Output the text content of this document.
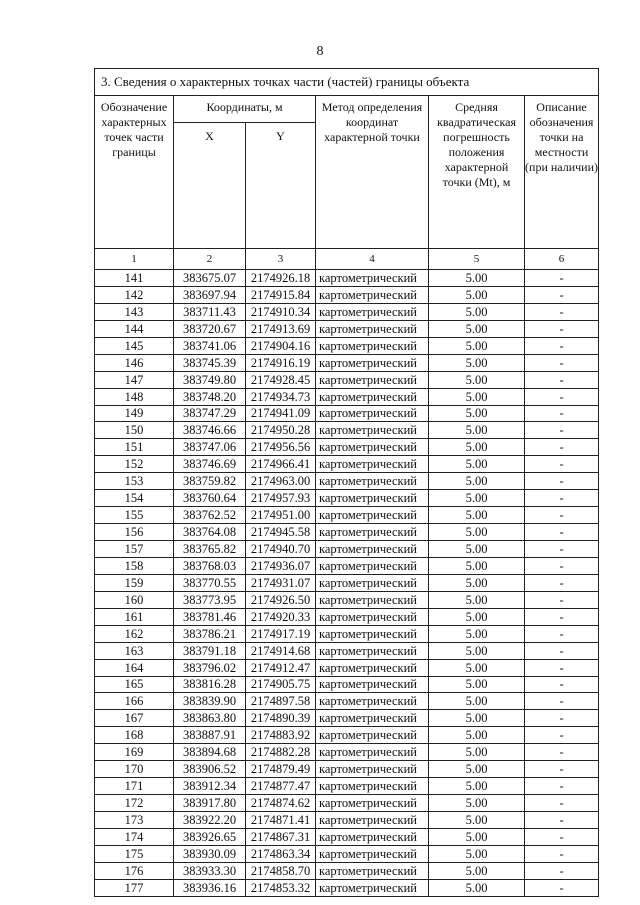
8
3. Сведения о характерных точках части (частей) границы объекта					
Обозначение характерных точек части границы	Координаты, м		Метод определения координат характерной точки	Средняя квадратическая погрешность положения характерной точки (Mt), м	Описание обозначения точки на местности (при наличии)
	X	Y			
1	2	3	4	5	6
141	383675.07	2174926.18	картометрический	5.00	-
142	383697.94	2174915.84	картометрический	5.00	-
143	383711.43	2174910.34	картометрический	5.00	-
144	383720.67	2174913.69	картометрический	5.00	-
145	383741.06	2174904.16	картометрический	5.00	-
146	383745.39	2174916.19	картометрический	5.00	-
147	383749.80	2174928.45	картометрический	5.00	-
148	383748.20	2174934.73	картометрический	5.00	-
149	383747.29	2174941.09	картометрический	5.00	-
150	383746.66	2174950.28	картометрический	5.00	-
151	383747.06	2174956.56	картометрический	5.00	-
152	383746.69	2174966.41	картометрический	5.00	-
153	383759.82	2174963.00	картометрический	5.00	-
154	383760.64	2174957.93	картометрический	5.00	-
155	383762.52	2174951.00	картометрический	5.00	-
156	383764.08	2174945.58	картометрический	5.00	-
157	383765.82	2174940.70	картометрический	5.00	-
158	383768.03	2174936.07	картометрический	5.00	-
159	383770.55	2174931.07	картометрический	5.00	-
160	383773.95	2174926.50	картометрический	5.00	-
161	383781.46	2174920.33	картометрический	5.00	-
162	383786.21	2174917.19	картометрический	5.00	-
163	383791.18	2174914.68	картометрический	5.00	-
164	383796.02	2174912.47	картометрический	5.00	-
165	383816.28	2174905.75	картометрический	5.00	-
166	383839.90	2174897.58	картометрический	5.00	-
167	383863.80	2174890.39	картометрический	5.00	-
168	383887.91	2174883.92	картометрический	5.00	-
169	383894.68	2174882.28	картометрический	5.00	-
170	383906.52	2174879.49	картометрический	5.00	-
171	383912.34	2174877.47	картометрический	5.00	-
172	383917.80	2174874.62	картометрический	5.00	-
173	383922.20	2174871.41	картометрический	5.00	-
174	383926.65	2174867.31	картометрический	5.00	-
175	383930.09	2174863.34	картометрический	5.00	-
176	383933.30	2174858.70	картометрический	5.00	-
177	383936.16	2174853.32	картометрический	5.00	-
